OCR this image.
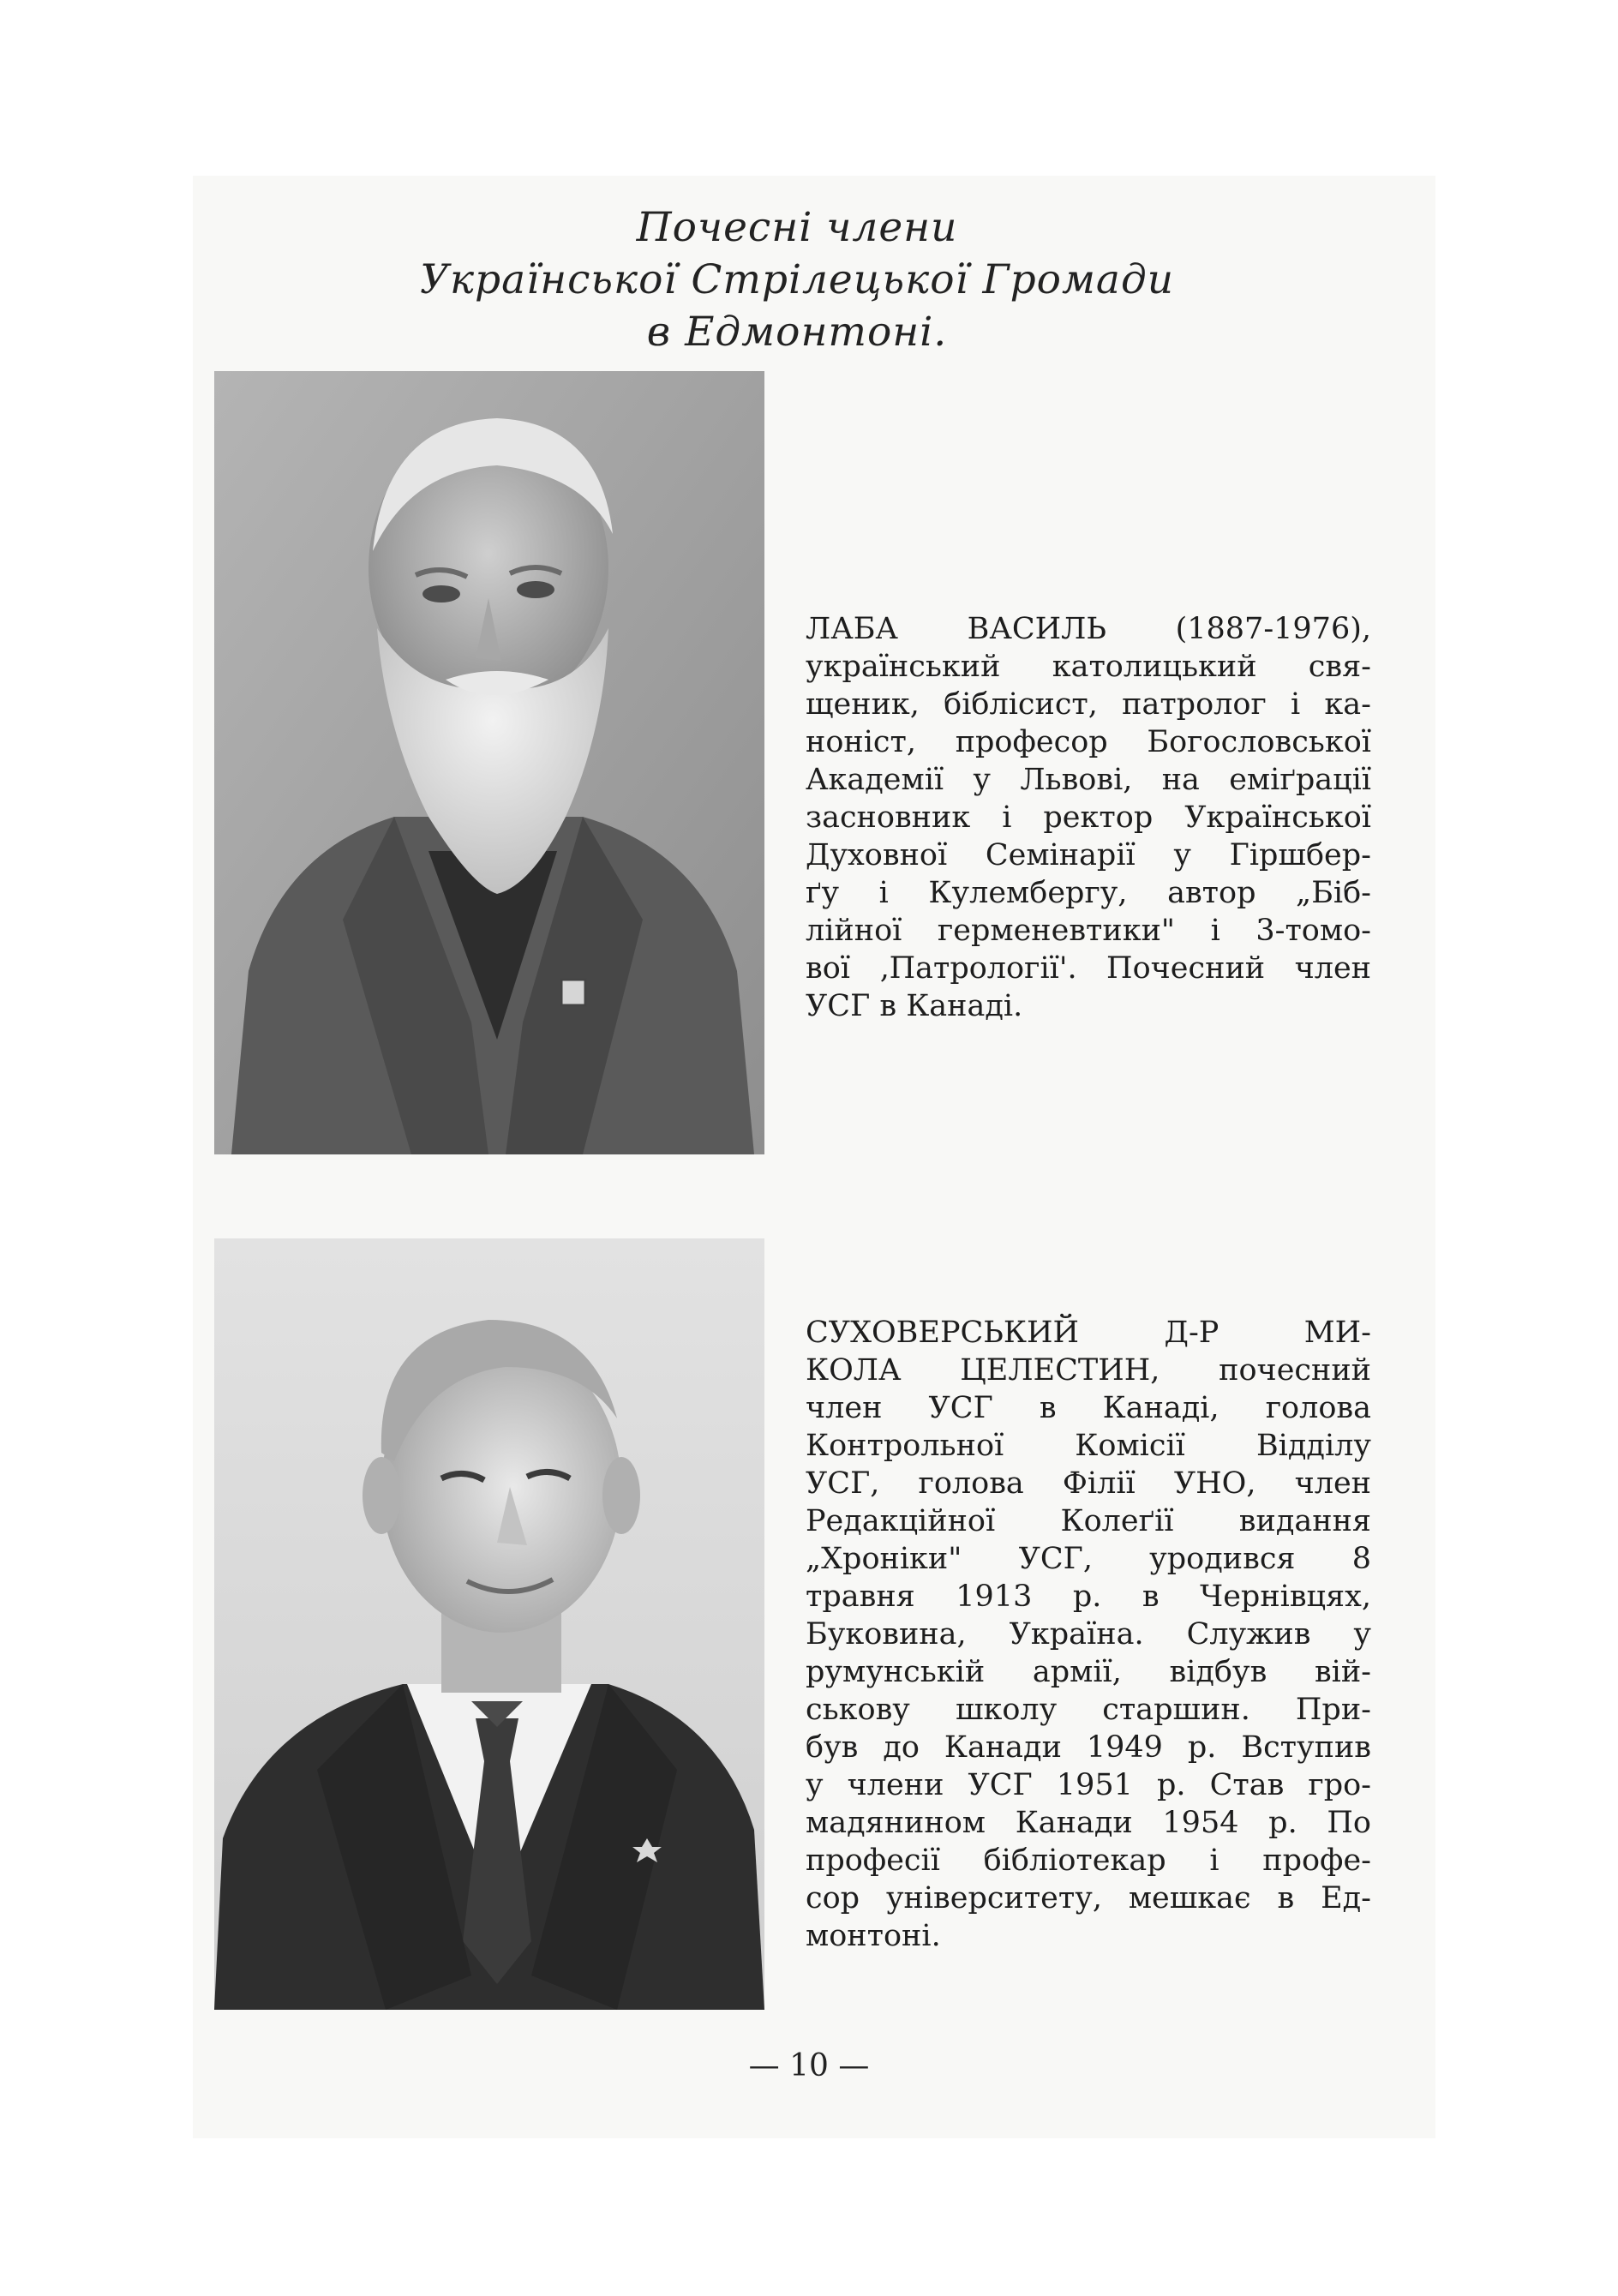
Почесні члени
Української Стрілецької Громади
в Едмонтоні.
ЛАБА ВАСИЛЬ (1887-1976),
український католицький свя-
щеник, біблісист, патролог і ка-
ноніст, професор Богословської
Академії у Львові, на еміґрації
засновник і ректор Української
Духовної Семінарії у Гіршбер-
ґу і Кулембергу, автор „Біб-
лійної герменевтики" і 3-томо-
вої ‚Патрології'. Почесний член
УСГ в Канаді.
СУХОВЕРСЬКИЙ Д-Р МИ-
КОЛА ЦЕЛЕСТИН, почесний
член УСГ в Канаді, голова
Контрольної Комісії Відділу
УСГ, голова Філії УНО, член
Редакційної Колеґії видання
„Хроніки" УСГ, уродився 8
травня 1913 р. в Чернівцях,
Буковина, Україна. Служив у
румунській армії, відбув вій-
ськову школу старшин. При-
був до Канади 1949 р. Вступив
у члени УСГ 1951 р. Став гро-
мадянином Канади 1954 р. По
професії бібліотекар і профе-
сор університету, мешкає в Ед-
монтоні.
— 10 —
